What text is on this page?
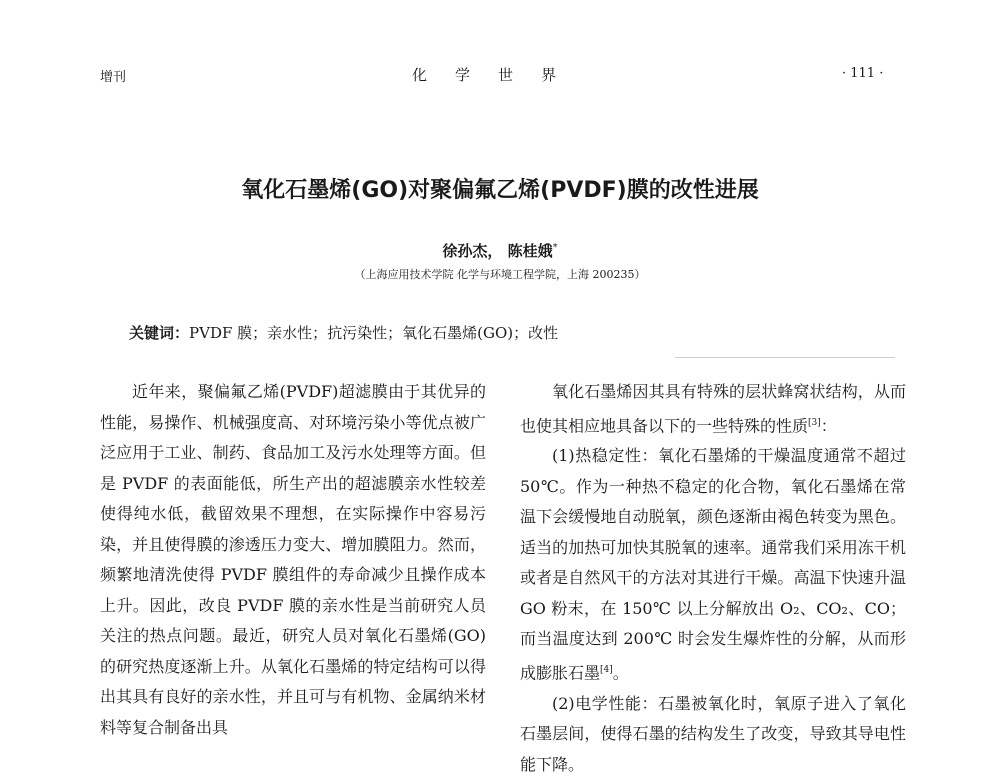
增刊	化学世界	· 111 ·
氧化石墨烯(GO)对聚偏氟乙烯(PVDF)膜的改性进展
徐孙杰， 陈桂娥*
（上海应用技术学院 化学与环境工程学院，上海 200235）
关键词：PVDF 膜；亲水性；抗污染性；氧化石墨烯(GO)；改性

近年来，聚偏氟乙烯(PVDF)超滤膜由于其优异的性能，易操作、机械强度高、对环境污染小等优点被广泛应用于工业、制药、食品加工及污水处理等方面。但是 PVDF 的表面能低，所生产出的超滤膜亲水性较差使得纯水低，截留效果不理想，在实际操作中容易污染，并且使得膜的渗透压力变大、增加膜阻力。然而，频繁地清洗使得 PVDF 膜组件的寿命减少且操作成本上升。因此，改良 PVDF 膜的亲水性是当前研究人员关注的热点问题。最近，研究人员对氧化石墨烯(GO)的研究热度逐渐上升。从氧化石墨烯的特定结构可以得出其具有良好的亲水性，并且可与有机物、金属纳米材料等复合制备出具

氧化石墨烯因其具有特殊的层状蜂窝状结构，从而也使其相应地具备以下的一些特殊的性质[3]：

(1)热稳定性：氧化石墨烯的干燥温度通常不超过 50℃。作为一种热不稳定的化合物，氧化石墨烯在常温下会缓慢地自动脱氧，颜色逐渐由褐色转变为黑色。适当的加热可加快其脱氧的速率。通常我们采用冻干机或者是自然风干的方法对其进行干燥。高温下快速升温 GO 粉末，在 150℃ 以上分解放出 O₂、CO₂、CO；而当温度达到 200℃ 时会发生爆炸性的分解，从而形成膨胀石墨[4]。

(2)电学性能：石墨被氧化时，氧原子进入了氧化石墨层间，使得石墨的结构发生了改变，导致其导电性能下降。
